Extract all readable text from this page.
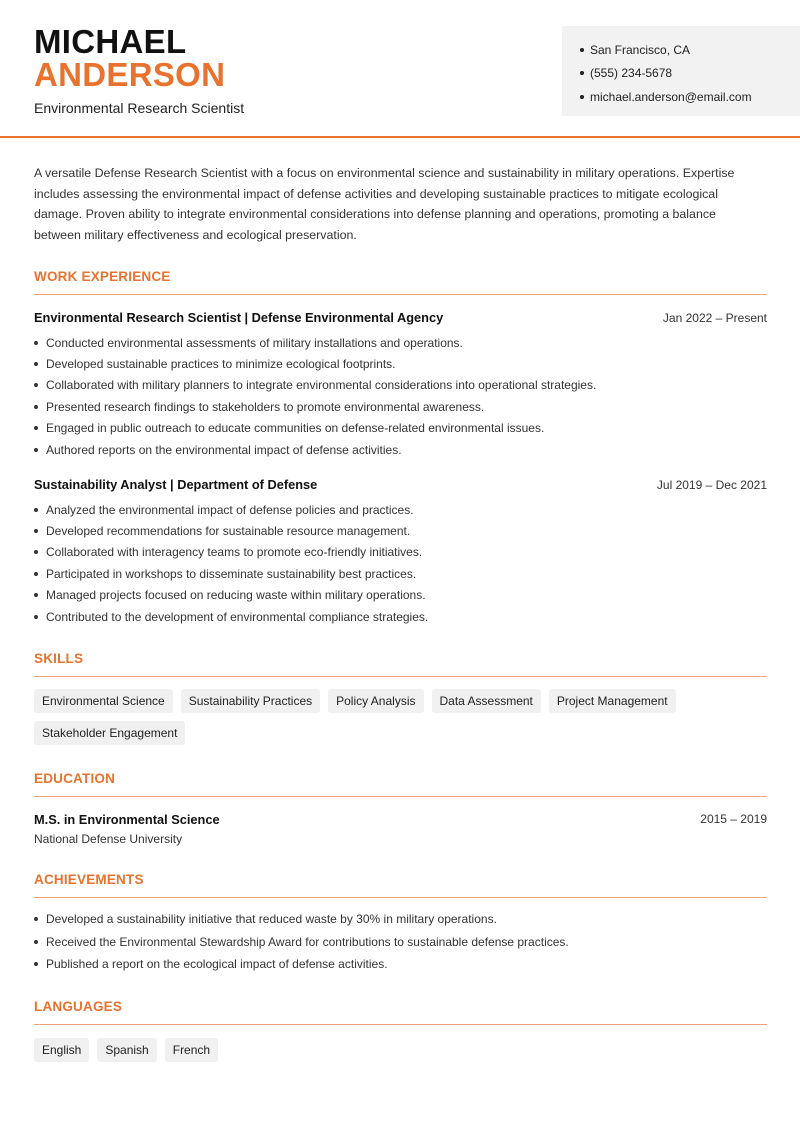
MICHAEL
ANDERSON
Environmental Research Scientist
San Francisco, CA
(555) 234-5678
michael.anderson@email.com
A versatile Defense Research Scientist with a focus on environmental science and sustainability in military operations. Expertise includes assessing the environmental impact of defense activities and developing sustainable practices to mitigate ecological damage. Proven ability to integrate environmental considerations into defense planning and operations, promoting a balance between military effectiveness and ecological preservation.
WORK EXPERIENCE
Environmental Research Scientist | Defense Environmental Agency	Jan 2022 – Present
Conducted environmental assessments of military installations and operations.
Developed sustainable practices to minimize ecological footprints.
Collaborated with military planners to integrate environmental considerations into operational strategies.
Presented research findings to stakeholders to promote environmental awareness.
Engaged in public outreach to educate communities on defense-related environmental issues.
Authored reports on the environmental impact of defense activities.
Sustainability Analyst | Department of Defense	Jul 2019 – Dec 2021
Analyzed the environmental impact of defense policies and practices.
Developed recommendations for sustainable resource management.
Collaborated with interagency teams to promote eco-friendly initiatives.
Participated in workshops to disseminate sustainability best practices.
Managed projects focused on reducing waste within military operations.
Contributed to the development of environmental compliance strategies.
SKILLS
Environmental Science	Sustainability Practices	Policy Analysis	Data Assessment	Project Management
Stakeholder Engagement
EDUCATION
M.S. in Environmental Science	2015 – 2019
National Defense University
ACHIEVEMENTS
Developed a sustainability initiative that reduced waste by 30% in military operations.
Received the Environmental Stewardship Award for contributions to sustainable defense practices.
Published a report on the ecological impact of defense activities.
LANGUAGES
English	Spanish	French
